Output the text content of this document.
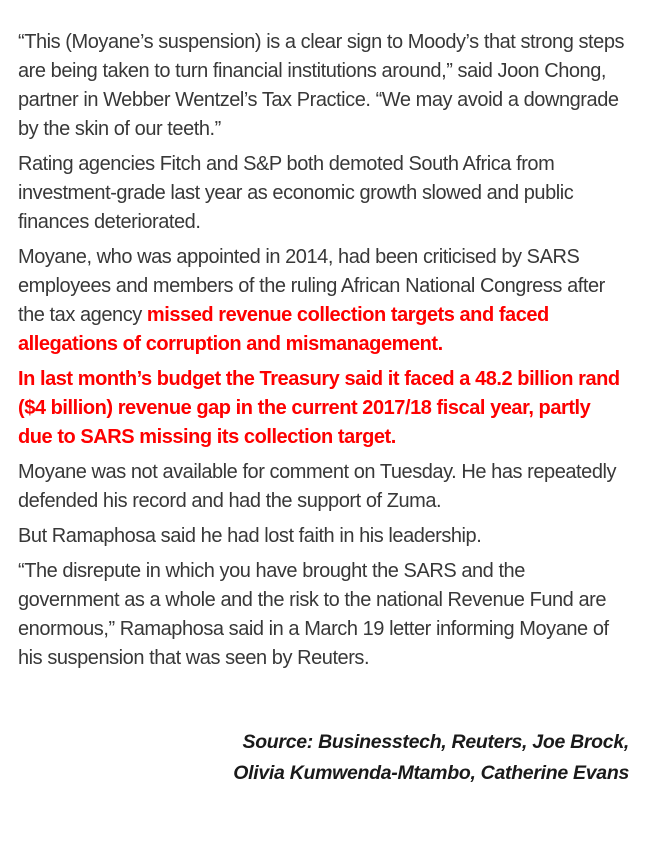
“This (Moyane’s suspension) is a clear sign to Moody’s that strong steps are being taken to turn financial institutions around,” said Joon Chong, partner in Webber Wentzel’s Tax Practice. “We may avoid a downgrade by the skin of our teeth.”

Rating agencies Fitch and S&P both demoted South Africa from investment-grade last year as economic growth slowed and public finances deteriorated.

Moyane, who was appointed in 2014, had been criticised by SARS employees and members of the ruling African National Congress after the tax agency missed revenue collection targets and faced allegations of corruption and mismanagement.

In last month’s budget the Treasury said it faced a 48.2 billion rand ($4 billion) revenue gap in the current 2017/18 fiscal year, partly due to SARS missing its collection target.

Moyane was not available for comment on Tuesday. He has repeatedly defended his record and had the support of Zuma.

But Ramaphosa said he had lost faith in his leadership.

“The disrepute in which you have brought the SARS and the government as a whole and the risk to the national Revenue Fund are enormous,” Ramaphosa said in a March 19 letter informing Moyane of his suspension that was seen by Reuters.

Source: Businesstech, Reuters, Joe Brock,
Olivia Kumwenda-Mtambo, Catherine Evans
